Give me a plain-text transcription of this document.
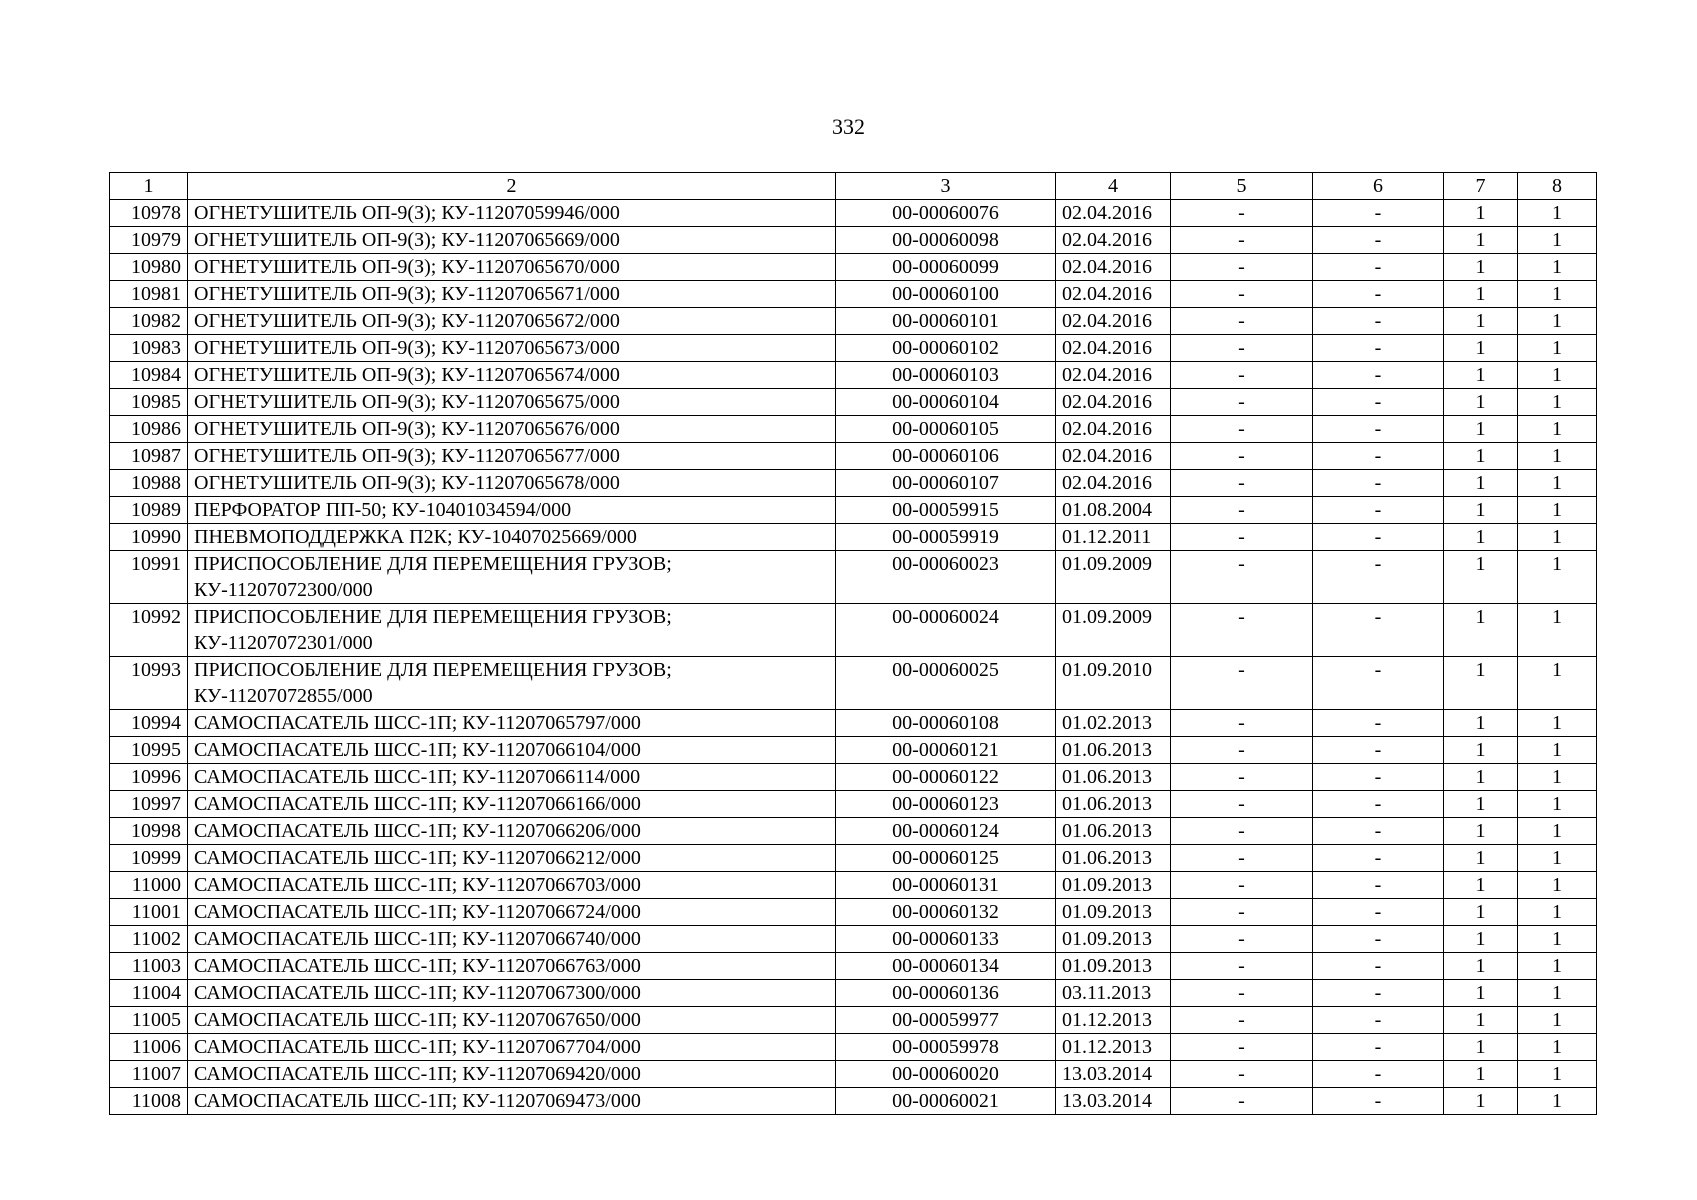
332
1	2	3	4	5	6	7	8
10978	ОГНЕТУШИТЕЛЬ ОП-9(З); КУ-11207059946/000	00-00060076	02.04.2016	-	-	1	1
10979	ОГНЕТУШИТЕЛЬ ОП-9(З); КУ-11207065669/000	00-00060098	02.04.2016	-	-	1	1
10980	ОГНЕТУШИТЕЛЬ ОП-9(З); КУ-11207065670/000	00-00060099	02.04.2016	-	-	1	1
10981	ОГНЕТУШИТЕЛЬ ОП-9(З); КУ-11207065671/000	00-00060100	02.04.2016	-	-	1	1
10982	ОГНЕТУШИТЕЛЬ ОП-9(З); КУ-11207065672/000	00-00060101	02.04.2016	-	-	1	1
10983	ОГНЕТУШИТЕЛЬ ОП-9(З); КУ-11207065673/000	00-00060102	02.04.2016	-	-	1	1
10984	ОГНЕТУШИТЕЛЬ ОП-9(З); КУ-11207065674/000	00-00060103	02.04.2016	-	-	1	1
10985	ОГНЕТУШИТЕЛЬ ОП-9(З); КУ-11207065675/000	00-00060104	02.04.2016	-	-	1	1
10986	ОГНЕТУШИТЕЛЬ ОП-9(З); КУ-11207065676/000	00-00060105	02.04.2016	-	-	1	1
10987	ОГНЕТУШИТЕЛЬ ОП-9(З); КУ-11207065677/000	00-00060106	02.04.2016	-	-	1	1
10988	ОГНЕТУШИТЕЛЬ ОП-9(З); КУ-11207065678/000	00-00060107	02.04.2016	-	-	1	1
10989	ПЕРФОРАТОР ПП-50; КУ-10401034594/000	00-00059915	01.08.2004	-	-	1	1
10990	ПНЕВМОПОДДЕРЖКА П2К; КУ-10407025669/000	00-00059919	01.12.2011	-	-	1	1
10991	ПРИСПОСОБЛЕНИЕ ДЛЯ ПЕРЕМЕЩЕНИЯ ГРУЗОВ; КУ-11207072300/000	00-00060023	01.09.2009	-	-	1	1
10992	ПРИСПОСОБЛЕНИЕ ДЛЯ ПЕРЕМЕЩЕНИЯ ГРУЗОВ; КУ-11207072301/000	00-00060024	01.09.2009	-	-	1	1
10993	ПРИСПОСОБЛЕНИЕ ДЛЯ ПЕРЕМЕЩЕНИЯ ГРУЗОВ; КУ-11207072855/000	00-00060025	01.09.2010	-	-	1	1
10994	САМОСПАСАТЕЛЬ ШСС-1П; КУ-11207065797/000	00-00060108	01.02.2013	-	-	1	1
10995	САМОСПАСАТЕЛЬ ШСС-1П; КУ-11207066104/000	00-00060121	01.06.2013	-	-	1	1
10996	САМОСПАСАТЕЛЬ ШСС-1П; КУ-11207066114/000	00-00060122	01.06.2013	-	-	1	1
10997	САМОСПАСАТЕЛЬ ШСС-1П; КУ-11207066166/000	00-00060123	01.06.2013	-	-	1	1
10998	САМОСПАСАТЕЛЬ ШСС-1П; КУ-11207066206/000	00-00060124	01.06.2013	-	-	1	1
10999	САМОСПАСАТЕЛЬ ШСС-1П; КУ-11207066212/000	00-00060125	01.06.2013	-	-	1	1
11000	САМОСПАСАТЕЛЬ ШСС-1П; КУ-11207066703/000	00-00060131	01.09.2013	-	-	1	1
11001	САМОСПАСАТЕЛЬ ШСС-1П; КУ-11207066724/000	00-00060132	01.09.2013	-	-	1	1
11002	САМОСПАСАТЕЛЬ ШСС-1П; КУ-11207066740/000	00-00060133	01.09.2013	-	-	1	1
11003	САМОСПАСАТЕЛЬ ШСС-1П; КУ-11207066763/000	00-00060134	01.09.2013	-	-	1	1
11004	САМОСПАСАТЕЛЬ ШСС-1П; КУ-11207067300/000	00-00060136	03.11.2013	-	-	1	1
11005	САМОСПАСАТЕЛЬ ШСС-1П; КУ-11207067650/000	00-00059977	01.12.2013	-	-	1	1
11006	САМОСПАСАТЕЛЬ ШСС-1П; КУ-11207067704/000	00-00059978	01.12.2013	-	-	1	1
11007	САМОСПАСАТЕЛЬ ШСС-1П; КУ-11207069420/000	00-00060020	13.03.2014	-	-	1	1
11008	САМОСПАСАТЕЛЬ ШСС-1П; КУ-11207069473/000	00-00060021	13.03.2014	-	-	1	1
